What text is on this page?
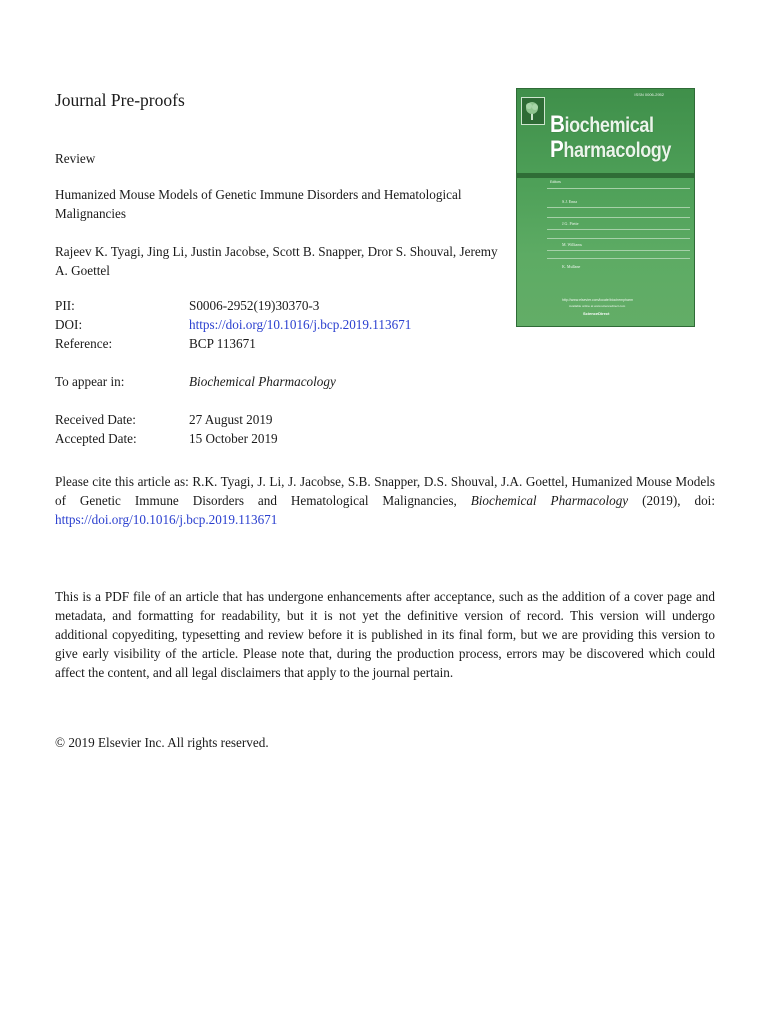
Journal Pre-proofs
Review
Humanized Mouse Models of Genetic Immune Disorders and Hematological Malignancies
Rajeev K. Tyagi, Jing Li, Justin Jacobse, Scott B. Snapper, Dror S. Shouval, Jeremy A. Goettel
PII:	S0006-2952(19)30370-3
DOI:	https://doi.org/10.1016/j.bcp.2019.113671
Reference:	BCP 113671
To appear in:	Biochemical Pharmacology
Received Date:	27 August 2019
Accepted Date:	15 October 2019
Please cite this article as: R.K. Tyagi, J. Li, J. Jacobse, S.B. Snapper, D.S. Shouval, J.A. Goettel, Humanized Mouse Models of Genetic Immune Disorders and Hematological Malignancies, Biochemical Pharmacology (2019), doi: https://doi.org/10.1016/j.bcp.2019.113671
This is a PDF file of an article that has undergone enhancements after acceptance, such as the addition of a cover page and metadata, and formatting for readability, but it is not yet the definitive version of record. This version will undergo additional copyediting, typesetting and review before it is published in its final form, but we are providing this version to give early visibility of the article. Please note that, during the production process, errors may be discovered which could affect the content, and all legal disclaimers that apply to the journal pertain.
© 2019 Elsevier Inc. All rights reserved.
ISSN 0006-2952
Biochemical
Pharmacology
Editors
S.J. Enna
J.G. Piette
M. Williams
K. Mullane
http://www.elsevier.com/locate/biochempharm
Available online at www.sciencedirect.com
ScienceDirect
